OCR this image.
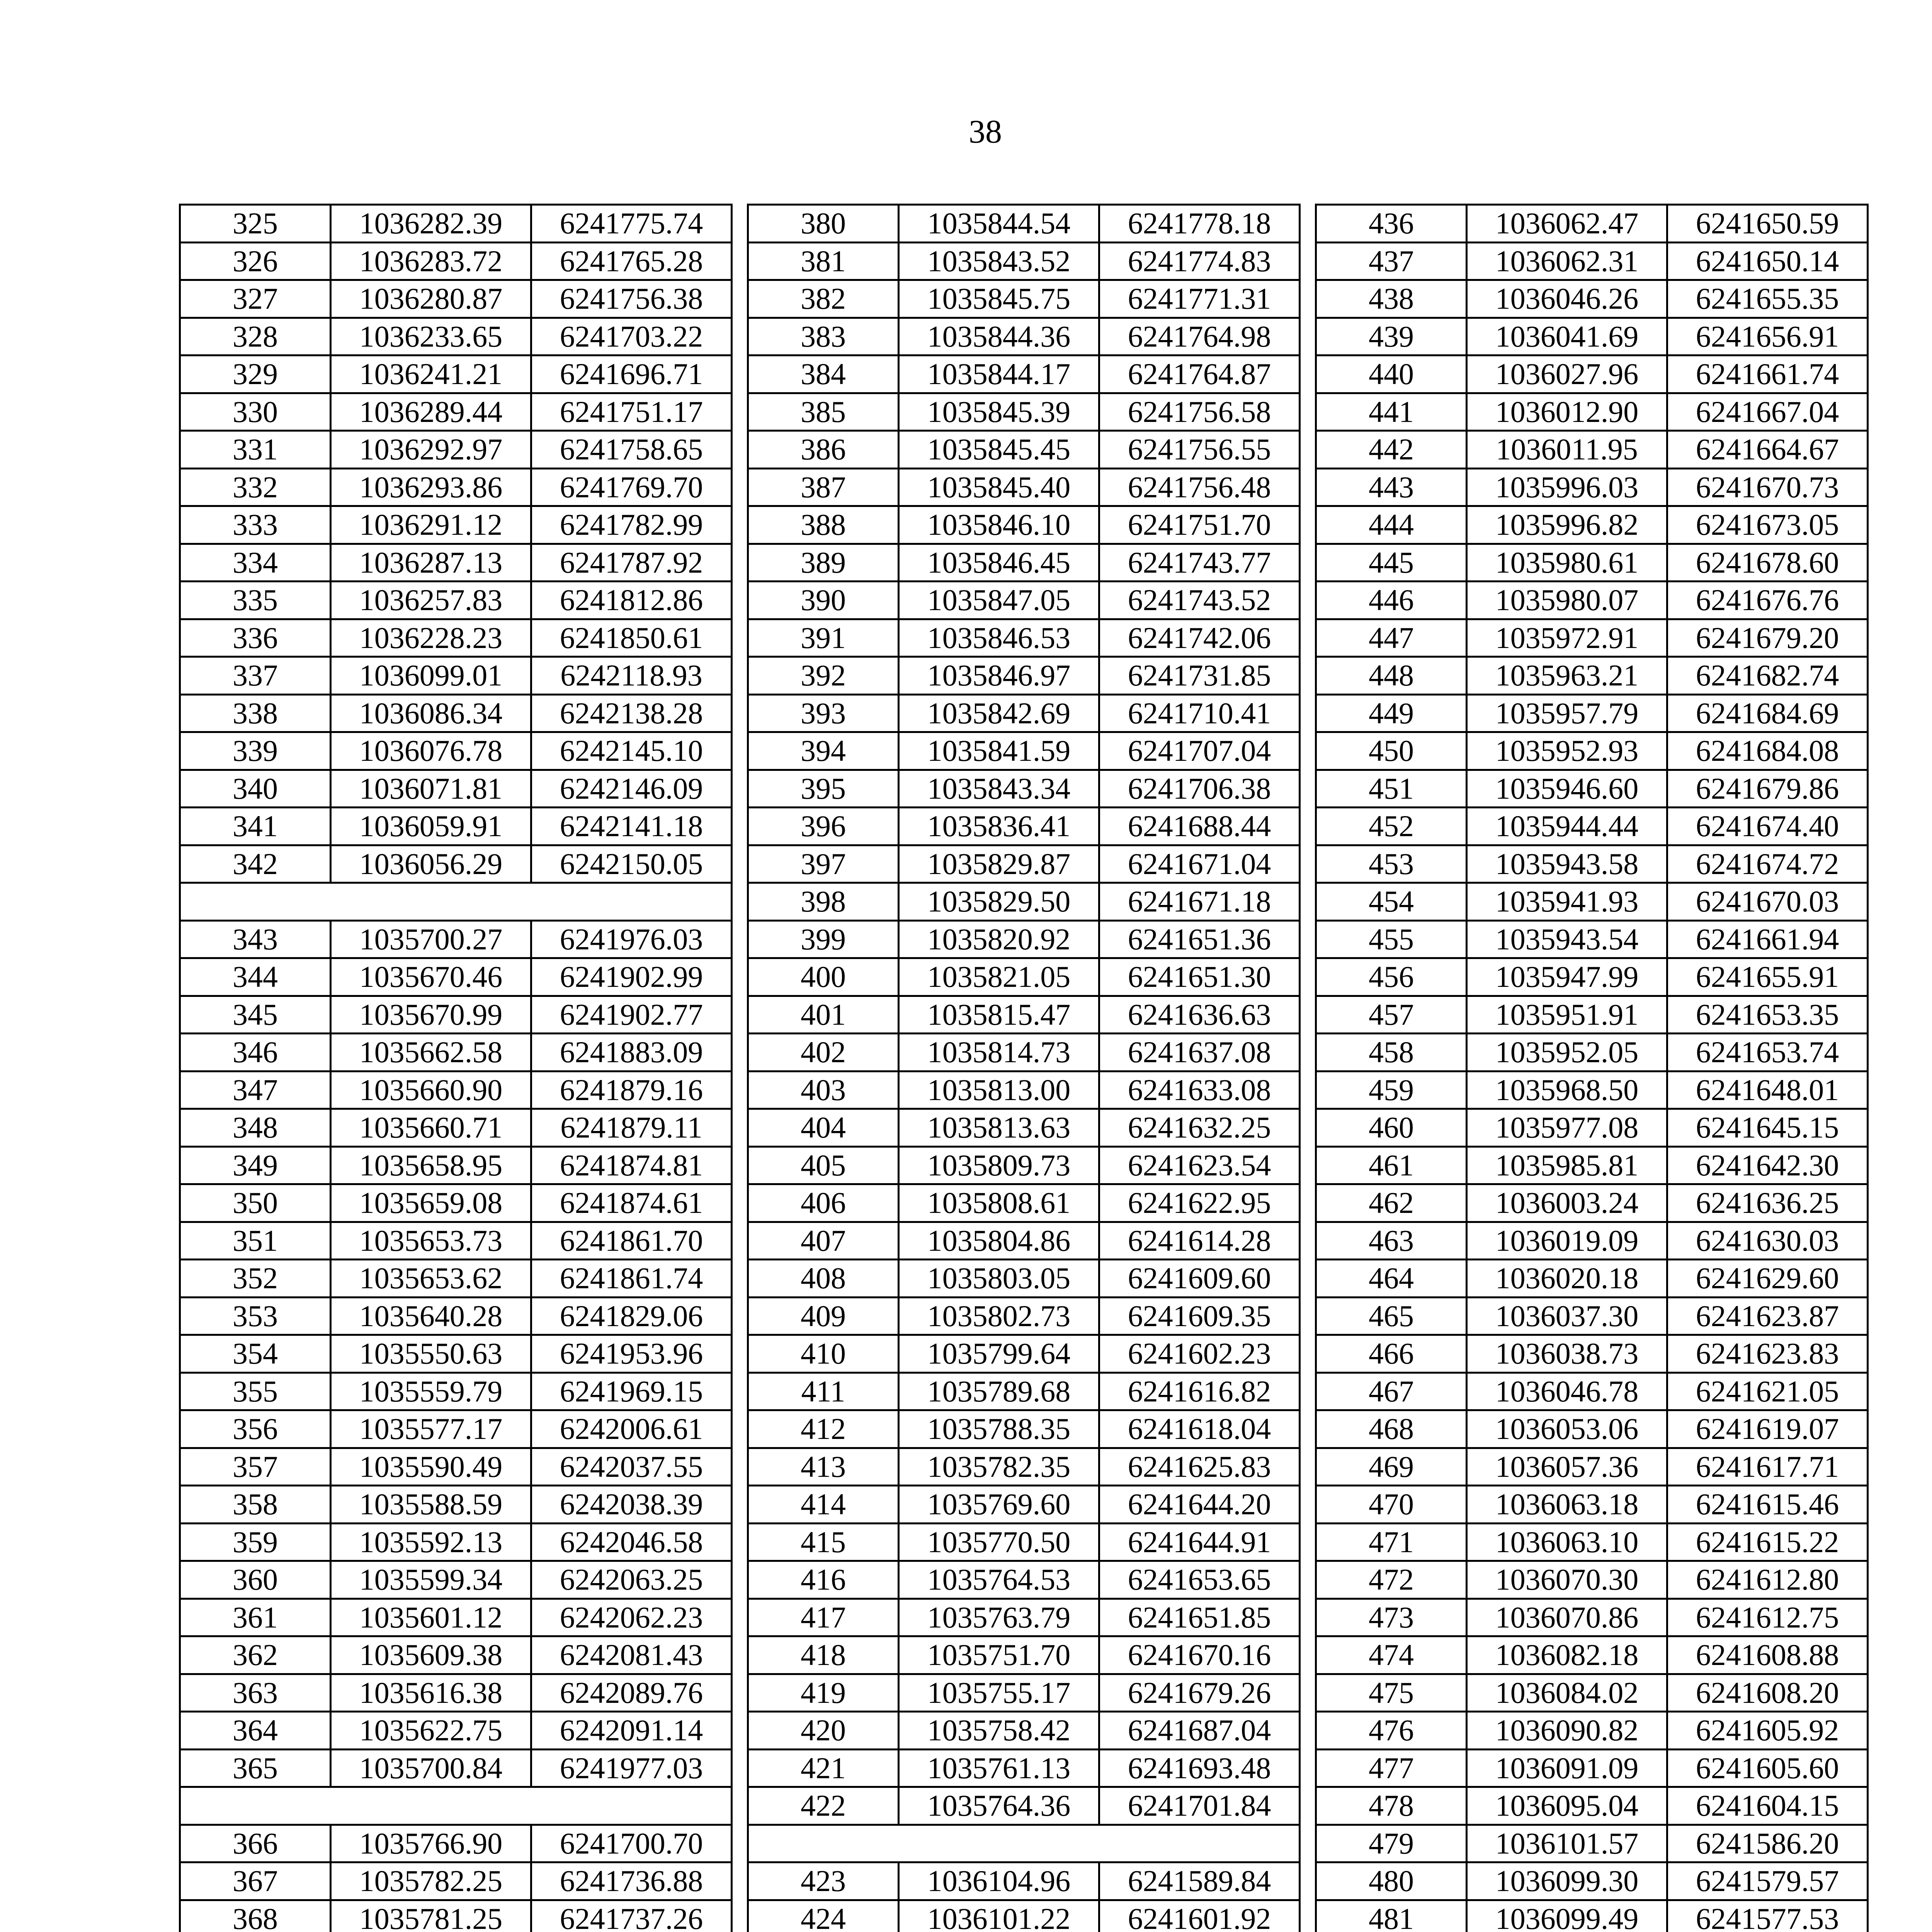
38
325	1036282.39	6241775.74
326	1036283.72	6241765.28
327	1036280.87	6241756.38
328	1036233.65	6241703.22
329	1036241.21	6241696.71
330	1036289.44	6241751.17
331	1036292.97	6241758.65
332	1036293.86	6241769.70
333	1036291.12	6241782.99
334	1036287.13	6241787.92
335	1036257.83	6241812.86
336	1036228.23	6241850.61
337	1036099.01	6242118.93
338	1036086.34	6242138.28
339	1036076.78	6242145.10
340	1036071.81	6242146.09
341	1036059.91	6242141.18
342	1036056.29	6242150.05

343	1035700.27	6241976.03
344	1035670.46	6241902.99
345	1035670.99	6241902.77
346	1035662.58	6241883.09
347	1035660.90	6241879.16
348	1035660.71	6241879.11
349	1035658.95	6241874.81
350	1035659.08	6241874.61
351	1035653.73	6241861.70
352	1035653.62	6241861.74
353	1035640.28	6241829.06
354	1035550.63	6241953.96
355	1035559.79	6241969.15
356	1035577.17	6242006.61
357	1035590.49	6242037.55
358	1035588.59	6242038.39
359	1035592.13	6242046.58
360	1035599.34	6242063.25
361	1035601.12	6242062.23
362	1035609.38	6242081.43
363	1035616.38	6242089.76
364	1035622.75	6242091.14
365	1035700.84	6241977.03

366	1035766.90	6241700.70
367	1035782.25	6241736.88
368	1035781.25	6241737.26

380	1035844.54	6241778.18
381	1035843.52	6241774.83
382	1035845.75	6241771.31
383	1035844.36	6241764.98
384	1035844.17	6241764.87
385	1035845.39	6241756.58
386	1035845.45	6241756.55
387	1035845.40	6241756.48
388	1035846.10	6241751.70
389	1035846.45	6241743.77
390	1035847.05	6241743.52
391	1035846.53	6241742.06
392	1035846.97	6241731.85
393	1035842.69	6241710.41
394	1035841.59	6241707.04
395	1035843.34	6241706.38
396	1035836.41	6241688.44
397	1035829.87	6241671.04
398	1035829.50	6241671.18
399	1035820.92	6241651.36
400	1035821.05	6241651.30
401	1035815.47	6241636.63
402	1035814.73	6241637.08
403	1035813.00	6241633.08
404	1035813.63	6241632.25
405	1035809.73	6241623.54
406	1035808.61	6241622.95
407	1035804.86	6241614.28
408	1035803.05	6241609.60
409	1035802.73	6241609.35
410	1035799.64	6241602.23
411	1035789.68	6241616.82
412	1035788.35	6241618.04
413	1035782.35	6241625.83
414	1035769.60	6241644.20
415	1035770.50	6241644.91
416	1035764.53	6241653.65
417	1035763.79	6241651.85
418	1035751.70	6241670.16
419	1035755.17	6241679.26
420	1035758.42	6241687.04
421	1035761.13	6241693.48
422	1035764.36	6241701.84

423	1036104.96	6241589.84
424	1036101.22	6241601.92

436	1036062.47	6241650.59
437	1036062.31	6241650.14
438	1036046.26	6241655.35
439	1036041.69	6241656.91
440	1036027.96	6241661.74
441	1036012.90	6241667.04
442	1036011.95	6241664.67
443	1035996.03	6241670.73
444	1035996.82	6241673.05
445	1035980.61	6241678.60
446	1035980.07	6241676.76
447	1035972.91	6241679.20
448	1035963.21	6241682.74
449	1035957.79	6241684.69
450	1035952.93	6241684.08
451	1035946.60	6241679.86
452	1035944.44	6241674.40
453	1035943.58	6241674.72
454	1035941.93	6241670.03
455	1035943.54	6241661.94
456	1035947.99	6241655.91
457	1035951.91	6241653.35
458	1035952.05	6241653.74
459	1035968.50	6241648.01
460	1035977.08	6241645.15
461	1035985.81	6241642.30
462	1036003.24	6241636.25
463	1036019.09	6241630.03
464	1036020.18	6241629.60
465	1036037.30	6241623.87
466	1036038.73	6241623.83
467	1036046.78	6241621.05
468	1036053.06	6241619.07
469	1036057.36	6241617.71
470	1036063.18	6241615.46
471	1036063.10	6241615.22
472	1036070.30	6241612.80
473	1036070.86	6241612.75
474	1036082.18	6241608.88
475	1036084.02	6241608.20
476	1036090.82	6241605.92
477	1036091.09	6241605.60
478	1036095.04	6241604.15
479	1036101.57	6241586.20
480	1036099.30	6241579.57
481	1036099.49	6241577.53
